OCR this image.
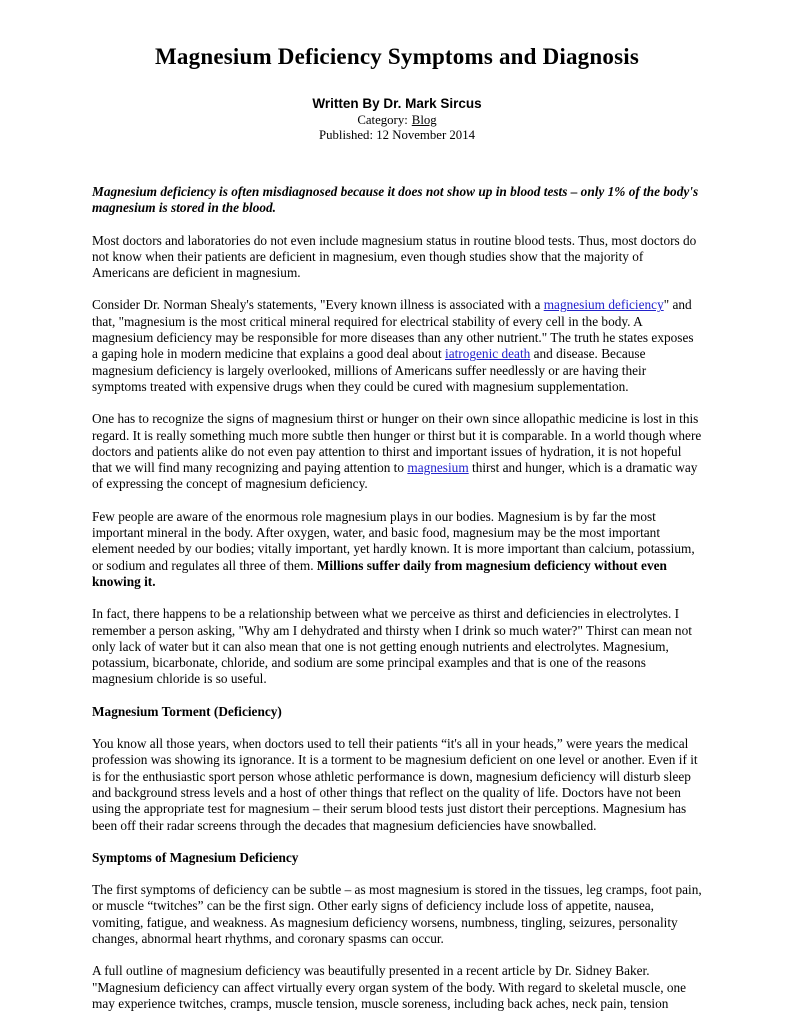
Magnesium Deficiency Symptoms and Diagnosis
Written By Dr. Mark Sircus
Category: Blog
Published: 12 November 2014

Magnesium deficiency is often misdiagnosed because it does not show up in blood tests – only 1% of the body's magnesium is stored in the blood.

Most doctors and laboratories do not even include magnesium status in routine blood tests. Thus, most doctors do not know when their patients are deficient in magnesium, even though studies show that the majority of Americans are deficient in magnesium.

Consider Dr. Norman Shealy's statements, "Every known illness is associated with a magnesium deficiency" and that, "magnesium is the most critical mineral required for electrical stability of every cell in the body. A magnesium deficiency may be responsible for more diseases than any other nutrient." The truth he states exposes a gaping hole in modern medicine that explains a good deal about iatrogenic death and disease. Because magnesium deficiency is largely overlooked, millions of Americans suffer needlessly or are having their symptoms treated with expensive drugs when they could be cured with magnesium supplementation.

One has to recognize the signs of magnesium thirst or hunger on their own since allopathic medicine is lost in this regard. It is really something much more subtle then hunger or thirst but it is comparable. In a world though where doctors and patients alike do not even pay attention to thirst and important issues of hydration, it is not hopeful that we will find many recognizing and paying attention to magnesium thirst and hunger, which is a dramatic way of expressing the concept of magnesium deficiency.

Few people are aware of the enormous role magnesium plays in our bodies. Magnesium is by far the most important mineral in the body. After oxygen, water, and basic food, magnesium may be the most important element needed by our bodies; vitally important, yet hardly known. It is more important than calcium, potassium, or sodium and regulates all three of them. Millions suffer daily from magnesium deficiency without even knowing it.

In fact, there happens to be a relationship between what we perceive as thirst and deficiencies in electrolytes. I remember a person asking, "Why am I dehydrated and thirsty when I drink so much water?" Thirst can mean not only lack of water but it can also mean that one is not getting enough nutrients and electrolytes. Magnesium, potassium, bicarbonate, chloride, and sodium are some principal examples and that is one of the reasons magnesium chloride is so useful.

Magnesium Torment (Deficiency)

You know all those years, when doctors used to tell their patients “it's all in your heads,” were years the medical profession was showing its ignorance. It is a torment to be magnesium deficient on one level or another. Even if it is for the enthusiastic sport person whose athletic performance is down, magnesium deficiency will disturb sleep and background stress levels and a host of other things that reflect on the quality of life. Doctors have not been using the appropriate test for magnesium – their serum blood tests just distort their perceptions. Magnesium has been off their radar screens through the decades that magnesium deficiencies have snowballed.

Symptoms of Magnesium Deficiency

The first symptoms of deficiency can be subtle – as most magnesium is stored in the tissues, leg cramps, foot pain, or muscle “twitches” can be the first sign. Other early signs of deficiency include loss of appetite, nausea, vomiting, fatigue, and weakness. As magnesium deficiency worsens, numbness, tingling, seizures, personality changes, abnormal heart rhythms, and coronary spasms can occur.

A full outline of magnesium deficiency was beautifully presented in a recent article by Dr. Sidney Baker. "Magnesium deficiency can affect virtually every organ system of the body. With regard to skeletal muscle, one may experience twitches, cramps, muscle tension, muscle soreness, including back aches, neck pain, tension
